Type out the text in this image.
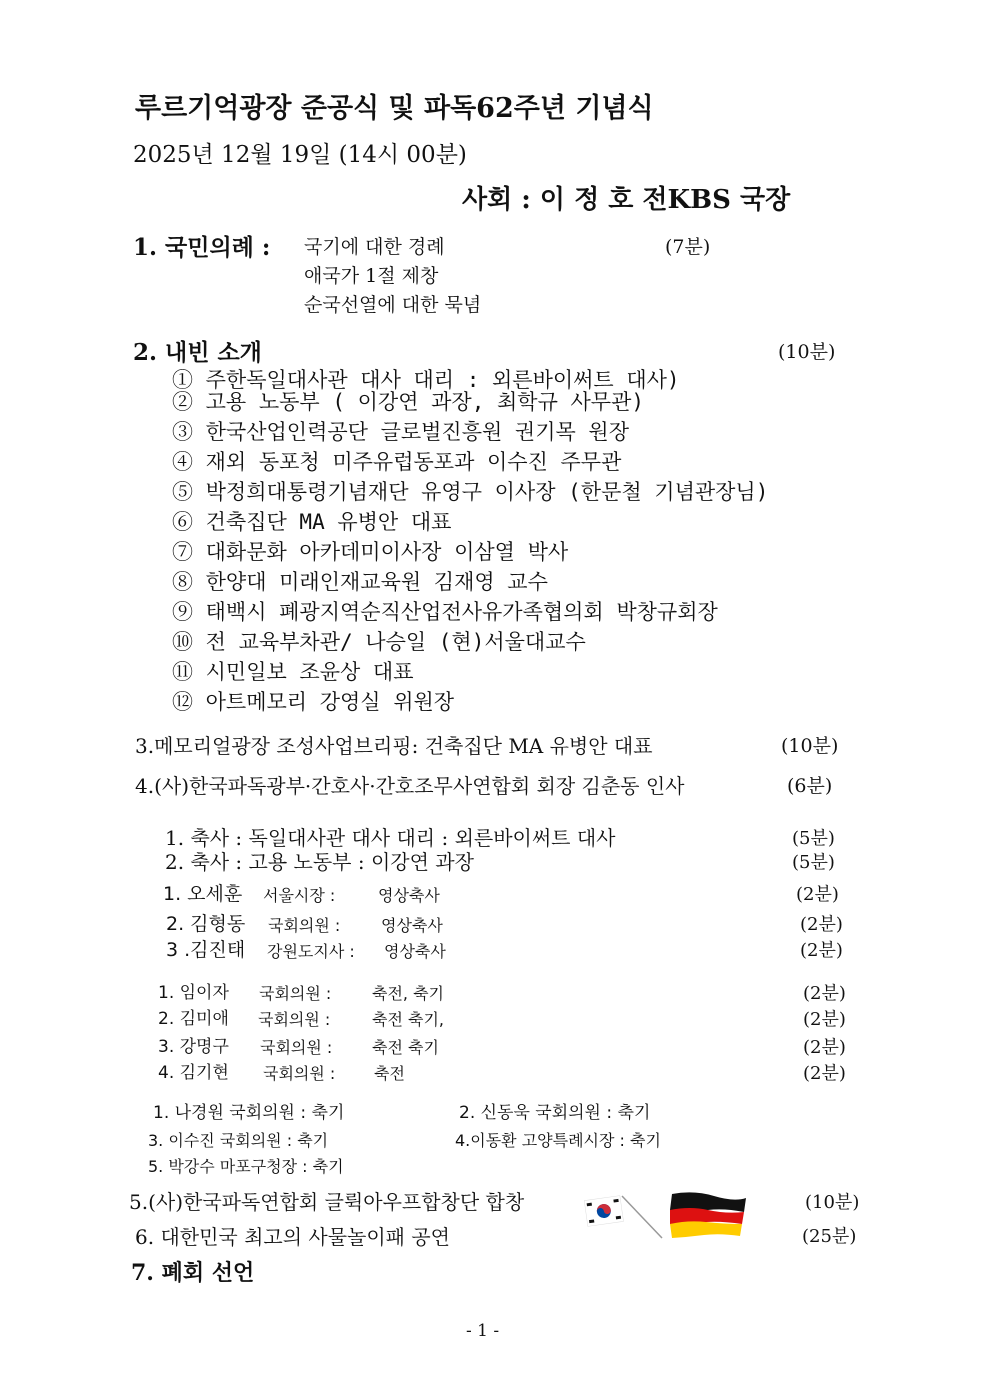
루르기억광장 준공식 및 파독62주년 기념식
2025년 12월 19일 (14시 00분)
사회 : 이 정 호 전KBS 국장
1. 국민의례 :	(7분)
국기에 대한 경례
애국가 1절 제창
순국선열에 대한 묵념
2. 내빈 소개	(10분)
① 주한독일대사관 대사 대리 : 외른바이써트 대사)
② 고용 노동부 ( 이강연 과장, 최학규 사무관)
③ 한국산업인력공단 글로벌진흥원 권기목 원장
④ 재외 동포청 미주유럽동포과 이수진 주무관
⑤ 박정희대통령기념재단 유영구 이사장 (한문철 기념관장님)
⑥ 건축집단 MA 유병안 대표
⑦ 대화문화 아카데미이사장 이삼열 박사
⑧ 한양대 미래인재교육원 김재영 교수
⑨ 태백시 폐광지역순직산업전사유가족협의회 박창규회장
⑩ 전 교육부차관/ 나승일 (현)서울대교수
⑪ 시민일보 조윤상 대표
⑫ 아트메모리 강영실 위원장
3.메모리얼광장 조성사업브리핑: 건축집단 MA 유병안 대표	(10분)
4.(사)한국파독광부·간호사·간호조무사연합회 회장 김춘동 인사	(6분)
1. 축사 : 독일대사관 대사 대리 : 외른바이써트 대사	(5분)
2. 축사 : 고용 노동부 : 이강연 과장	(5분)
1. 오세훈 서울시장 :	영상축사	(2분)
2. 김형동 국회의원 :	영상축사	(2분)
3 .김진태 강원도지사 : 영상축사	(2분)
1. 임이자 국회의원 :	축전, 축기	(2분)
2. 김미애 국회의원 :	축전 축기,	(2분)
3. 강명구 국회의원 : 축전 축기	(2분)
4. 김기현 국회의원 : 축전	(2분)
1. 나경원 국회의원 : 축기	2. 신동욱 국회의원 : 축기
3. 이수진 국회의원 : 축기	4.이동환 고양특례시장 : 축기
5. 박강수 마포구청장 : 축기
5.(사)한국파독연합회 글뤽아우프합창단 합창	(10분)
6. 대한민국 최고의 사물놀이패 공연	(25분)
7. 폐회 선언
- 1 -
